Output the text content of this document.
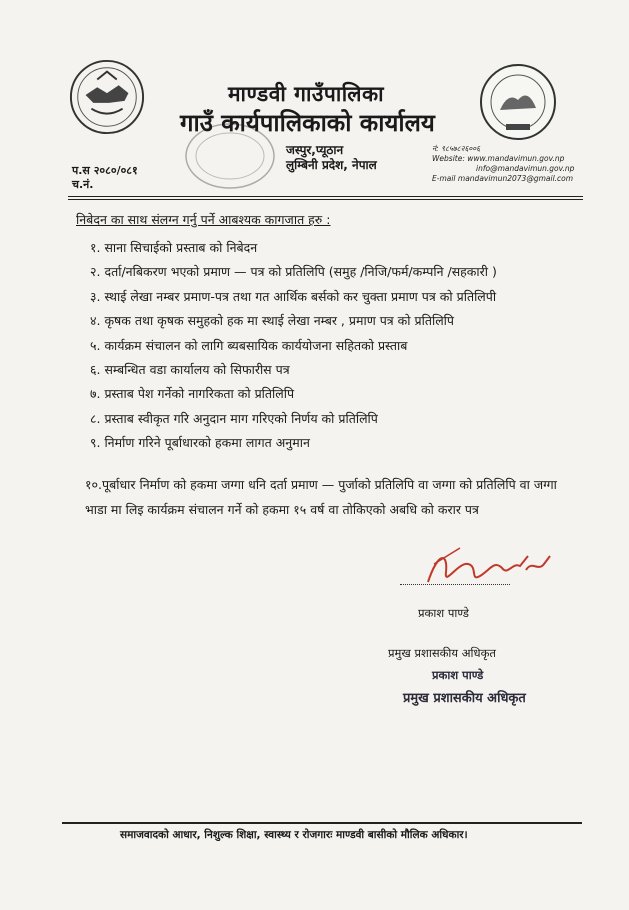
माण्डवी गाउँपालिका
गाउँ कार्यपालिकाको कार्यालय
जस्पुर,प्यूठान
लुम्बिनी प्रदेश, नेपाल
नं: ९८५७८२६००६
Website: www.mandavimun.gov.np
info@mandavimun.gov.np
E-mail mandavimun2073@gmail.com
प.स २०८०/०८१
च.नं.
निबेदन का साथ संलग्न गर्नु पर्ने आबश्यक कागजात हरु :
१. साना सिचाईको प्रस्ताब को निबेदन
२. दर्ता/नबिकरण भएको प्रमाण — पत्र को प्रतिलिपि (समुह /निजि/फर्म/कम्पनि /सहकारी )
३. स्थाई लेखा नम्बर प्रमाण-पत्र तथा गत आर्थिक बर्सको कर चुक्ता प्रमाण पत्र को प्रतिलिपी
४. कृषक तथा कृषक समुहको हक मा स्थाई लेखा नम्बर , प्रमाण पत्र को प्रतिलिपि
५. कार्यक्रम संचालन को लागि ब्यबसायिक कार्ययोजना सहितको प्रस्ताब
६. सम्बन्धित वडा कार्यालय को सिफारीस पत्र
७. प्रस्ताब पेश गर्नेको नागरिकता को प्रतिलिपि
८. प्रस्ताब स्वीकृत गरि अनुदान माग गरिएको निर्णय को प्रतिलिपि
९. निर्माण गरिने पूर्बाधारको हकमा लागत अनुमान
१०.पूर्बाधार निर्माण को हकमा जग्गा धनि दर्ता प्रमाण — पुर्जाको प्रतिलिपि वा जग्गा को प्रतिलिपि वा जग्गा भाडा मा लिइ कार्यक्रम संचालन गर्ने को हकमा १५ वर्ष वा तोकिएको अबधि को करार पत्र
प्रकाश पाण्डे
प्रमुख प्रशासकीय अधिकृत
प्रकाश पाण्डे
प्रमुख प्रशासकीय अधिकृत
समाजवादको आधार, निशुल्क शिक्षा, स्वास्थ्य र रोजगारः माण्डवी बासीको मौलिक अधिकार।
